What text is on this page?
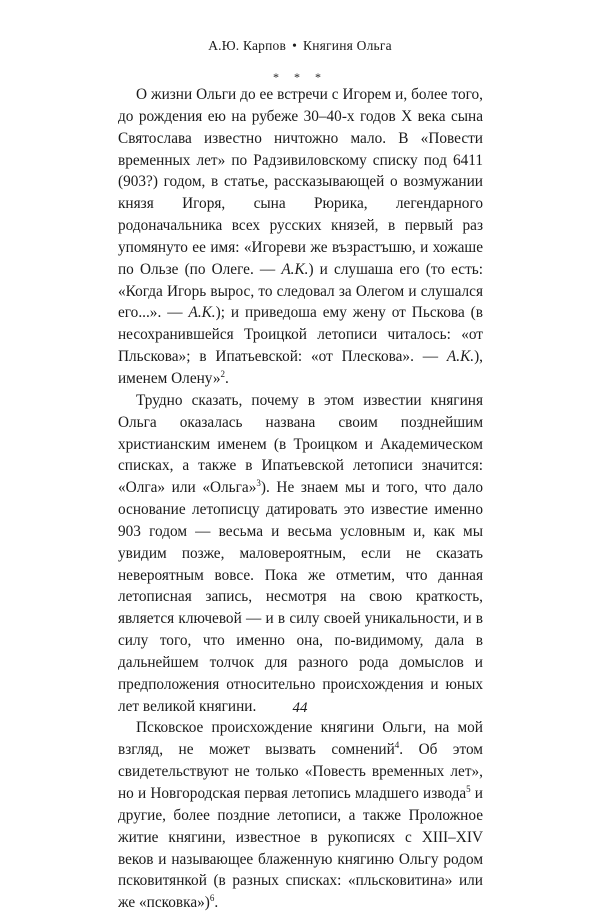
А.Ю. Карпов • Княгиня Ольга
* * *

О жизни Ольги до ее встречи с Игорем и, более того, до рождения ею на рубеже 30–40-х годов X века сына Святослава известно ничтожно мало. В «Повести временных лет» по Радзивиловскому списку под 6411 (903?) годом, в статье, рассказывающей о возмужании князя Игоря, сына Рюрика, легендарного родоначальника всех русских князей, в первый раз упомянуто ее имя: «Игореви же възрастъшю, и хожаше по Ользе (по Олеге. — А.К.) и слушаша его (то есть: «Когда Игорь вырос, то следовал за Олегом и слушался его...». — А.К.); и приведоша ему жену от Пьскова (в несохранившейся Троицкой летописи читалось: «от Пльскова»; в Ипатьевской: «от Плескова». — А.К.), именем Олену»$^2$.

Трудно сказать, почему в этом известии княгиня Ольга оказалась названа своим позднейшим христианским именем (в Троицком и Академическом списках, а также в Ипатьевской летописи значится: «Олга» или «Ольга»$^3$). Не знаем мы и того, что дало основание летописцу датировать это известие именно 903 годом — весьма и весьма условным и, как мы увидим позже, маловероятным, если не сказать невероятным вовсе. Пока же отметим, что данная летописная запись, несмотря на свою краткость, является ключевой — и в силу своей уникальности, и в силу того, что именно она, по-видимому, дала в дальнейшем толчок для разного рода домыслов и предположения относительно происхождения и юных лет великой княгини.

Псковское происхождение княгини Ольги, на мой взгляд, не может вызвать сомнений$^4$. Об этом свидетельствуют не только «Повесть временных лет», но и Новгородская первая летопись младшего извода$^5$ и другие, более поздние летописи, а также Проложное житие княгини, известное в рукописях с XIII–XIV веков и называющее блаженную княгиню Ольгу родом псковитянкой (в разных списках: «пльсковитина» или же «псковка»)$^6$.

44
